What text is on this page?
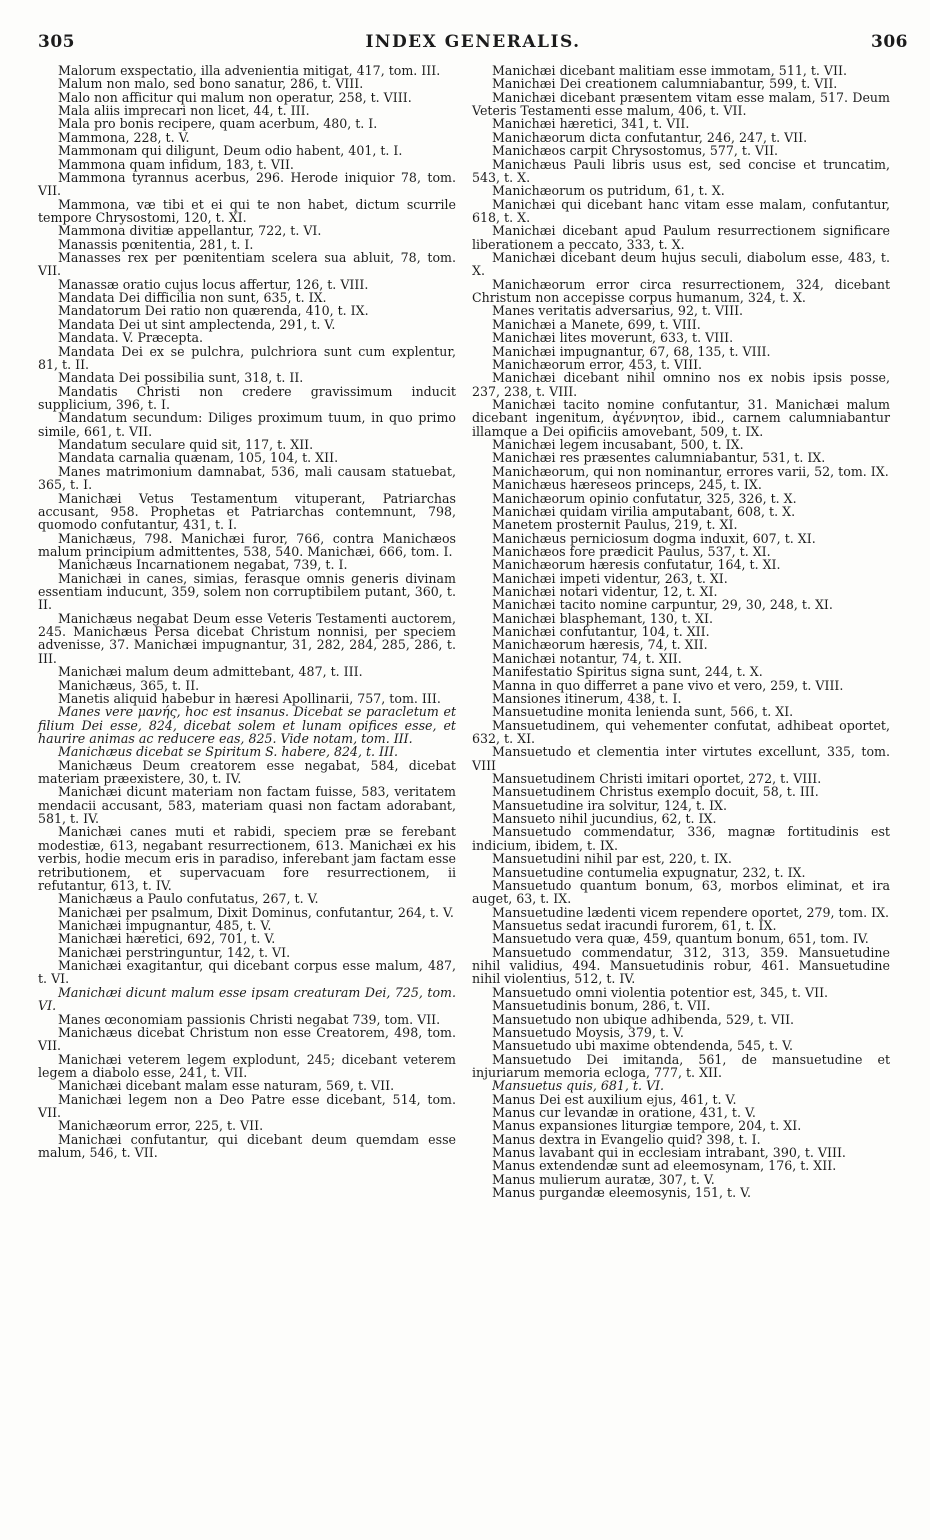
INDEX GENERALIS.
305	306

Malorum exspectatio, illa advenientia mitigat, 417, tom. III.

Malum non malo, sed bono sanatur, 286, t. VIII.

Malo non afficitur qui malum non operatur, 258, t. VIII.

Mala aliis imprecari non licet, 44, t. III.

Mala pro bonis recipere, quam acerbum, 480, t. I.

Mammona, 228, t. V.

Mammonam qui diligunt, Deum odio habent, 401, t. I.

Mammona quam infidum, 183, t. VII.

Mammona tyrannus acerbus, 296. Herode iniquior 78, tom. VII.

Mammona, væ tibi et ei qui te non habet, dictum scurrile tempore Chrysostomi, 120, t. XI.

Mammona divitiæ appellantur, 722, t. VI.

Manassis pœnitentia, 281, t. I.

Manasses rex per pœnitentiam scelera sua abluit, 78, tom. VII.

Manassæ oratio cujus locus affertur, 126, t. VIII.

Mandata Dei difficilia non sunt, 635, t. IX.

Mandatorum Dei ratio non quærenda, 410, t. IX.

Mandata Dei ut sint amplectenda, 291, t. V.

Mandata. V. Præcepta.

Mandata Dei ex se pulchra, pulchriora sunt cum explentur, 81, t. II.

Mandata Dei possibilia sunt, 318, t. II.

Mandatis Christi non credere gravissimum inducit supplicium, 396, t. I.

Mandatum secundum: Diliges proximum tuum, in quo primo simile, 661, t. VII.

Mandatum seculare quid sit, 117, t. XII.

Mandata carnalia quænam, 105, 104, t. XII.

Manes matrimonium damnabat, 536, mali causam statuebat, 365, t. I.

Manichæi Vetus Testamentum vituperant, Patriarchas accusant, 958. Prophetas et Patriarchas contemnunt, 798, quomodo confutantur, 431, t. I.

Manichæus, 798. Manichæi furor, 766, contra Manichæos malum principium admittentes, 538, 540. Manichæi, 666, tom. I.

Manichæus Incarnationem negabat, 739, t. I.

Manichæi in canes, simias, ferasque omnis generis divinam essentiam inducunt, 359, solem non corruptibilem putant, 360, t. II.

Manichæus negabat Deum esse Veteris Testamenti auctorem, 245. Manichæus Persa dicebat Christum nonnisi, per speciem advenisse, 37. Manichæi impugnantur, 31, 282, 284, 285, 286, t. III.

Manichæi malum deum admittebant, 487, t. III.

Manichæus, 365, t. II.

Manetis aliquid habebur in hæresi Apollinarii, 757, tom. III.

Manes vere μανής, hoc est insanus. Dicebat se paracletum et filium Dei esse, 824, dicebat solem et lunam opifices esse, et haurire animas ac reducere eas, 825. Vide notam, tom. III.

Manichæus dicebat se Spiritum S. habere, 824, t. III.

Manichæus Deum creatorem esse negabat, 584, dicebat materiam præexistere, 30, t. IV.

Manichæi dicunt materiam non factam fuisse, 583, veritatem mendacii accusant, 583, materiam quasi non factam adorabant, 581, t. IV.

Manichæi canes muti et rabidi, speciem præ se ferebant modestiæ, 613, negabant resurrectionem, 613. Manichæi ex his verbis, hodie mecum eris in paradiso, inferebant jam factam esse retributionem, et supervacuam fore resurrectionem, ii refutantur, 613, t. IV.

Manichæus a Paulo confutatus, 267, t. V.

Manichæi per psalmum, Dixit Dominus, confutantur, 264, t. V.

Manichæi impugnantur, 485, t. V.

Manichæi hæretici, 692, 701, t. V.

Manichæi perstringuntur, 142, t. VI.

Manichæi exagitantur, qui dicebant corpus esse malum, 487, t. VI.

Manichæi dicunt malum esse ipsam creaturam Dei, 725, tom. VI.

Manes œconomiam passionis Christi negabat 739, tom. VII.

Manichæus dicebat Christum non esse Creatorem, 498, tom. VII.

Manichæi veterem legem explodunt, 245; dicebant veterem legem a diabolo esse, 241, t. VII.

Manichæi dicebant malam esse naturam, 569, t. VII.

Manichæi legem non a Deo Patre esse dicebant, 514, tom. VII.

Manichæorum error, 225, t. VII.

Manichæi confutantur, qui dicebant deum quemdam esse malum, 546, t. VII.

Manichæi dicebant malitiam esse immotam, 511, t. VII.

Manichæi Dei creationem calumniabantur, 599, t. VII.

Manichæi dicebant præsentem vitam esse malam, 517. Deum Veteris Testamenti esse malum, 406, t. VII.

Manichæi hæretici, 341, t. VII.

Manichæorum dicta confutantur, 246, 247, t. VII.

Manichæos carpit Chrysostomus, 577, t. VII.

Manichæus Pauli libris usus est, sed concise et truncatim, 543, t. X.

Manichæorum os putridum, 61, t. X.

Manichæi qui dicebant hanc vitam esse malam, confutantur, 618, t. X.

Manichæi dicebant apud Paulum resurrectionem significare liberationem a peccato, 333, t. X.

Manichæi dicebant deum hujus seculi, diabolum esse, 483, t. X.

Manichæorum error circa resurrectionem, 324, dicebant Christum non accepisse corpus humanum, 324, t. X.

Manes veritatis adversarius, 92, t. VIII.

Manichæi a Manete, 699, t. VIII.

Manichæi lites moverunt, 633, t. VIII.

Manichæi impugnantur, 67, 68, 135, t. VIII.

Manichæorum error, 453, t. VIII.

Manichæi dicebant nihil omnino nos ex nobis ipsis posse, 237, 238, t. VIII.

Manichæi tacito nomine confutantur, 31. Manichæi malum dicebant ingenitum, ἀγέννητον, ibid., carnem calumniabantur illamque a Dei opificiis amovebant, 509, t. IX.

Manichæi legem incusabant, 500, t. IX.

Manichæi res præsentes calumniabantur, 531, t. IX.

Manichæorum, qui non nominantur, errores varii, 52, tom. IX.

Manichæus hæreseos princeps, 245, t. IX.

Manichæorum opinio confutatur, 325, 326, t. X.

Manichæi quidam virilia amputabant, 608, t. X.

Manetem prosternit Paulus, 219, t. XI.

Manichæus perniciosum dogma induxit, 607, t. XI.

Manichæos fore prædicit Paulus, 537, t. XI.

Manichæorum hæresis confutatur, 164, t. XI.

Manichæi impeti videntur, 263, t. XI.

Manichæi notari videntur, 12, t. XI.

Manichæi tacito nomine carpuntur, 29, 30, 248, t. XI.

Manichæi blasphemant, 130, t. XI.

Manichæi confutantur, 104, t. XII.

Manichæorum hæresis, 74, t. XII.

Manichæi notantur, 74, t. XII.

Manifestatio Spiritus signa sunt, 244, t. X.

Manna in quo differret a pane vivo et vero, 259, t. VIII.

Mansiones itinerum, 438, t. I.

Mansuetudine monita lenienda sunt, 566, t. XI.

Mansuetudinem, qui vehementer confutat, adhibeat oportet, 632, t. XI.

Mansuetudo et clementia inter virtutes excellunt, 335, tom. VIII

Mansuetudinem Christi imitari oportet, 272, t. VIII.

Mansuetudinem Christus exemplo docuit, 58, t. III.

Mansuetudine ira solvitur, 124, t. IX.

Mansueto nihil jucundius, 62, t. IX.

Mansuetudo commendatur, 336, magnæ fortitudinis est indicium, ibidem, t. IX.

Mansuetudini nihil par est, 220, t. IX.

Mansuetudine contumelia expugnatur, 232, t. IX.

Mansuetudo quantum bonum, 63, morbos eliminat, et ira auget, 63, t. IX.

Mansuetudine lædenti vicem rependere oportet, 279, tom. IX.

Mansuetus sedat iracundi furorem, 61, t. IX.

Mansuetudo vera quæ, 459, quantum bonum, 651, tom. IV.

Mansuetudo commendatur, 312, 313, 359. Mansuetudine nihil validius, 494. Mansuetudinis robur, 461. Mansuetudine nihil violentius, 512, t. IV.

Mansuetudo omni violentia potentior est, 345, t. VII.

Mansuetudinis bonum, 286, t. VII.

Mansuetudo non ubique adhibenda, 529, t. VII.

Mansuetudo Moysis, 379, t. V.

Mansuetudo ubi maxime obtendenda, 545, t. V.

Mansuetudo Dei imitanda, 561, de mansuetudine et injuriarum memoria ecloga, 777, t. XII.

Mansuetus quis, 681, t. VI.

Manus Dei est auxilium ejus, 461, t. V.

Manus cur levandæ in oratione, 431, t. V.

Manus expansiones liturgiæ tempore, 204, t. XI.

Manus dextra in Evangelio quid? 398, t. I.

Manus lavabant qui in ecclesiam intrabant, 390, t. VIII.

Manus extendendæ sunt ad eleemosynam, 176, t. XII.

Manus mulierum auratæ, 307, t. V.

Manus purgandæ eleemosynis, 151, t. V.
